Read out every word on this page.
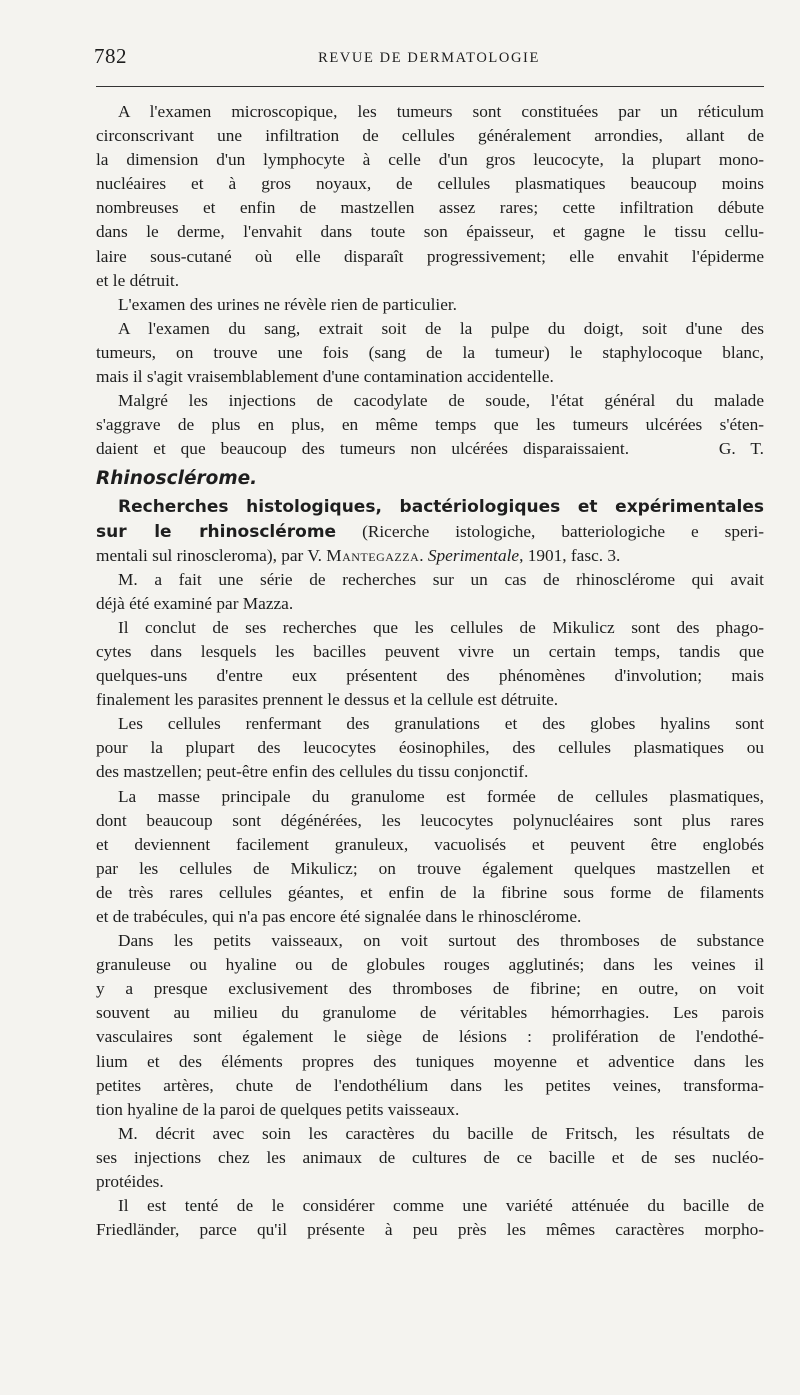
782	REVUE DE DERMATOLOGIE
A l'examen microscopique, les tumeurs sont constituées par un réticulum
circonscrivant une infiltration de cellules généralement arrondies, allant de
la dimension d'un lymphocyte à celle d'un gros leucocyte, la plupart mono-
nucléaires et à gros noyaux, de cellules plasmatiques beaucoup moins
nombreuses et enfin de mastzellen assez rares; cette infiltration débute
dans le derme, l'envahit dans toute son épaisseur, et gagne le tissu cellu-
laire sous-cutané où elle disparaît progressivement; elle envahit l'épiderme
et le détruit.
L'examen des urines ne révèle rien de particulier.
A l'examen du sang, extrait soit de la pulpe du doigt, soit d'une des
tumeurs, on trouve une fois (sang de la tumeur) le staphylocoque blanc,
mais il s'agit vraisemblablement d'une contamination accidentelle.
Malgré les injections de cacodylate de soude, l'état général du malade
s'aggrave de plus en plus, en même temps que les tumeurs ulcérées s'éten-
daient et que beaucoup des tumeurs non ulcérées disparaissaient.      G. T.
Rhinosclérome.
Recherches histologiques, bactériologiques et expérimentales
sur le rhinosclérome (Ricerche istologiche, batteriologiche e speri-
mentali sul rinoscleroma), par V. Mantegazza. Sperimentale, 1901, fasc. 3.
M. a fait une série de recherches sur un cas de rhinosclérome qui avait
déjà été examiné par Mazza.
Il conclut de ses recherches que les cellules de Mikulicz sont des phago-
cytes dans lesquels les bacilles peuvent vivre un certain temps, tandis que
quelques-uns d'entre eux présentent des phénomènes d'involution; mais
finalement les parasites prennent le dessus et la cellule est détruite.
Les cellules renfermant des granulations et des globes hyalins sont
pour la plupart des leucocytes éosinophiles, des cellules plasmatiques ou
des mastzellen; peut-être enfin des cellules du tissu conjonctif.
La masse principale du granulome est formée de cellules plasmatiques,
dont beaucoup sont dégénérées, les leucocytes polynucléaires sont plus rares
et deviennent facilement granuleux, vacuolisés et peuvent être englobés
par les cellules de Mikulicz; on trouve également quelques mastzellen et
de très rares cellules géantes, et enfin de la fibrine sous forme de filaments
et de trabécules, qui n'a pas encore été signalée dans le rhinosclérome.
Dans les petits vaisseaux, on voit surtout des thromboses de substance
granuleuse ou hyaline ou de globules rouges agglutinés; dans les veines il
y a presque exclusivement des thromboses de fibrine; en outre, on voit
souvent au milieu du granulome de véritables hémorrhagies. Les parois
vasculaires sont également le siège de lésions : prolifération de l'endothé-
lium et des éléments propres des tuniques moyenne et adventice dans les
petites artères, chute de l'endothélium dans les petites veines, transforma-
tion hyaline de la paroi de quelques petits vaisseaux.
M. décrit avec soin les caractères du bacille de Fritsch, les résultats de
ses injections chez les animaux de cultures de ce bacille et de ses nucléo-
protéides.
Il est tenté de le considérer comme une variété atténuée du bacille de
Friedländer, parce qu'il présente à peu près les mêmes caractères morpho-
